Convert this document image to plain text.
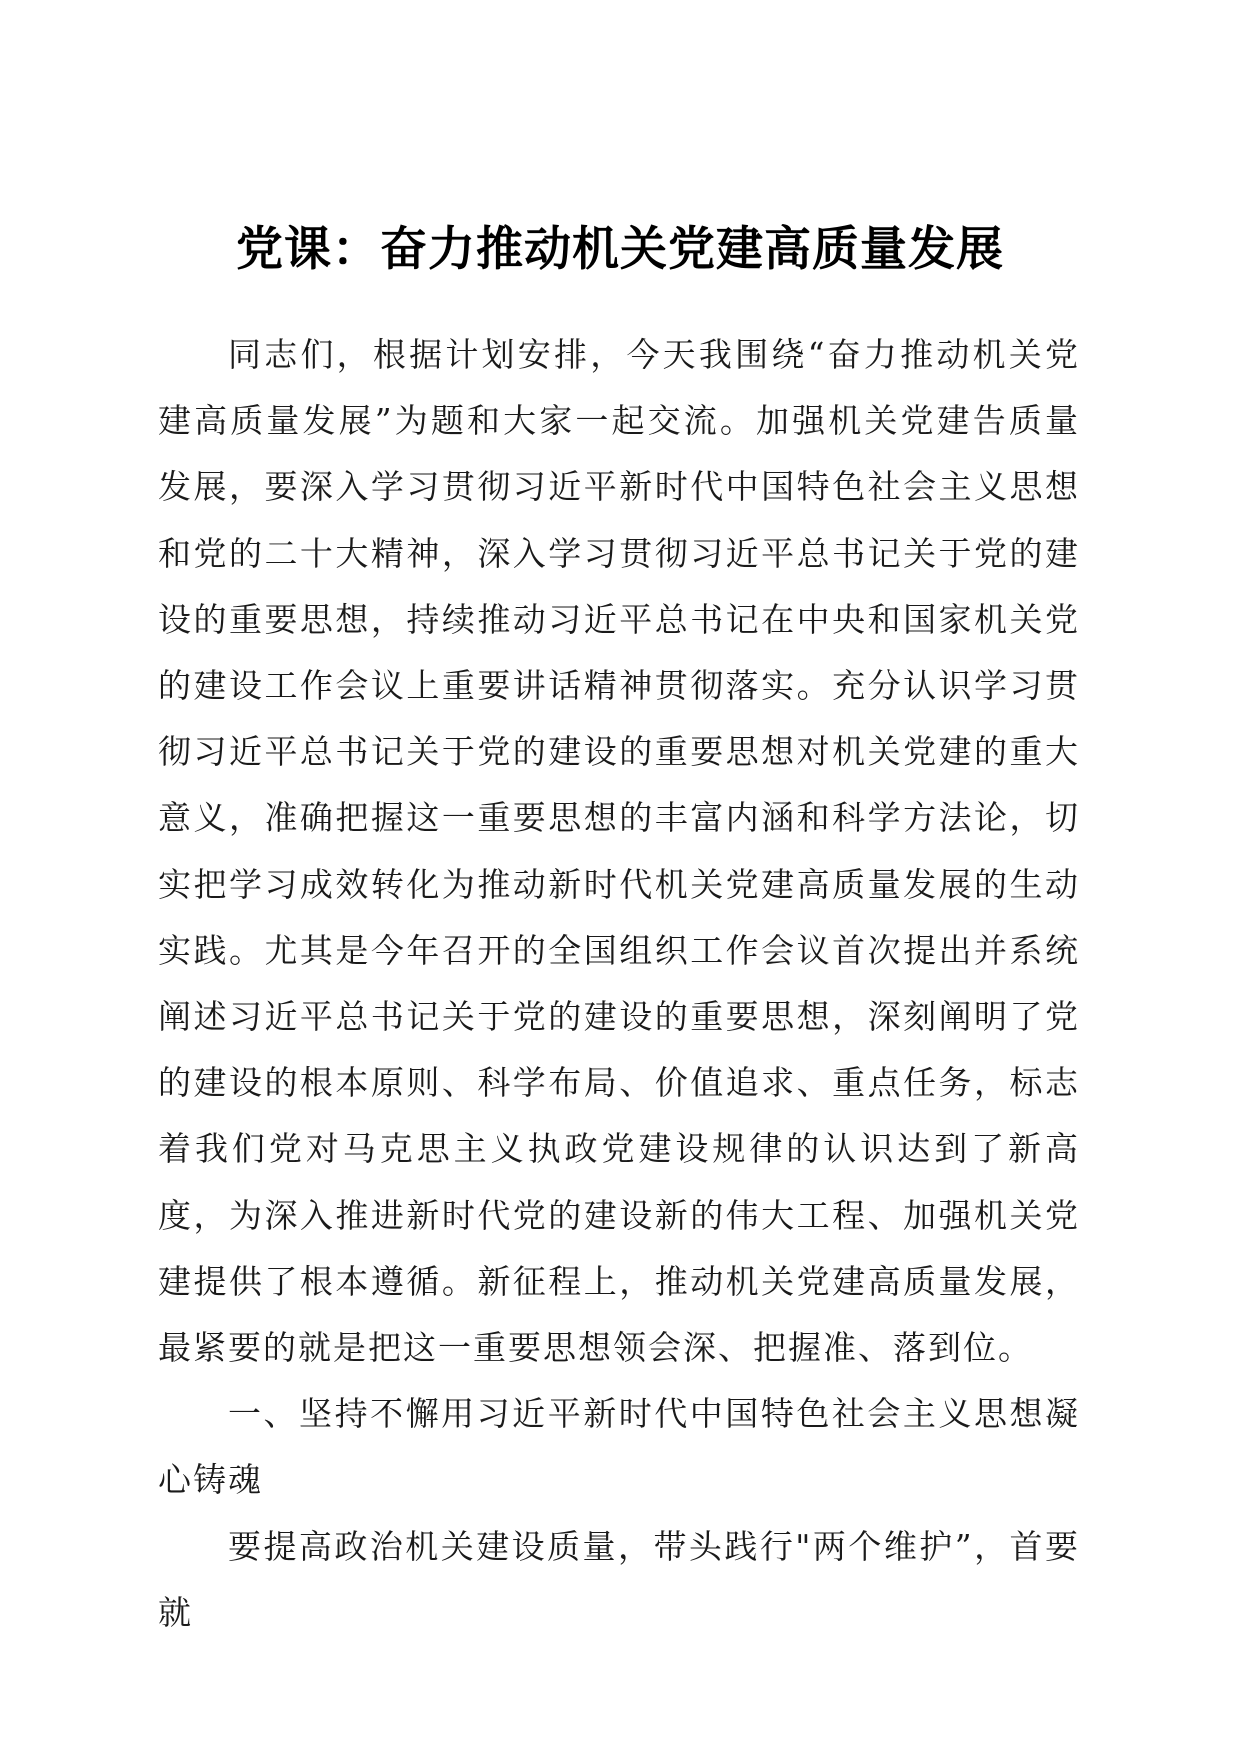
党课：奋力推动机关党建高质量发展

同志们，根据计划安排，今天我围绕“奋力推动机关党建高质量发展”为题和大家一起交流。加强机关党建告质量发展，要深入学习贯彻习近平新时代中国特色社会主义思想和党的二十大精神，深入学习贯彻习近平总书记关于党的建设的重要思想，持续推动习近平总书记在中央和国家机关党的建设工作会议上重要讲话精神贯彻落实。充分认识学习贯彻习近平总书记关于党的建设的重要思想对机关党建的重大意义，准确把握这一重要思想的丰富内涵和科学方法论，切实把学习成效转化为推动新时代机关党建高质量发展的生动实践。尤其是今年召开的全国组织工作会议首次提出并系统阐述习近平总书记关于党的建设的重要思想，深刻阐明了党的建设的根本原则、科学布局、价值追求、重点任务，标志着我们党对马克思主义执政党建设规律的认识达到了新高度，为深入推进新时代党的建设新的伟大工程、加强机关党建提供了根本遵循。新征程上，推动机关党建高质量发展，最紧要的就是把这一重要思想领会深、把握准、落到位。

一、坚持不懈用习近平新时代中国特色社会主义思想凝心铸魂

要提高政治机关建设质量，带头践行"两个维护”，首要就
